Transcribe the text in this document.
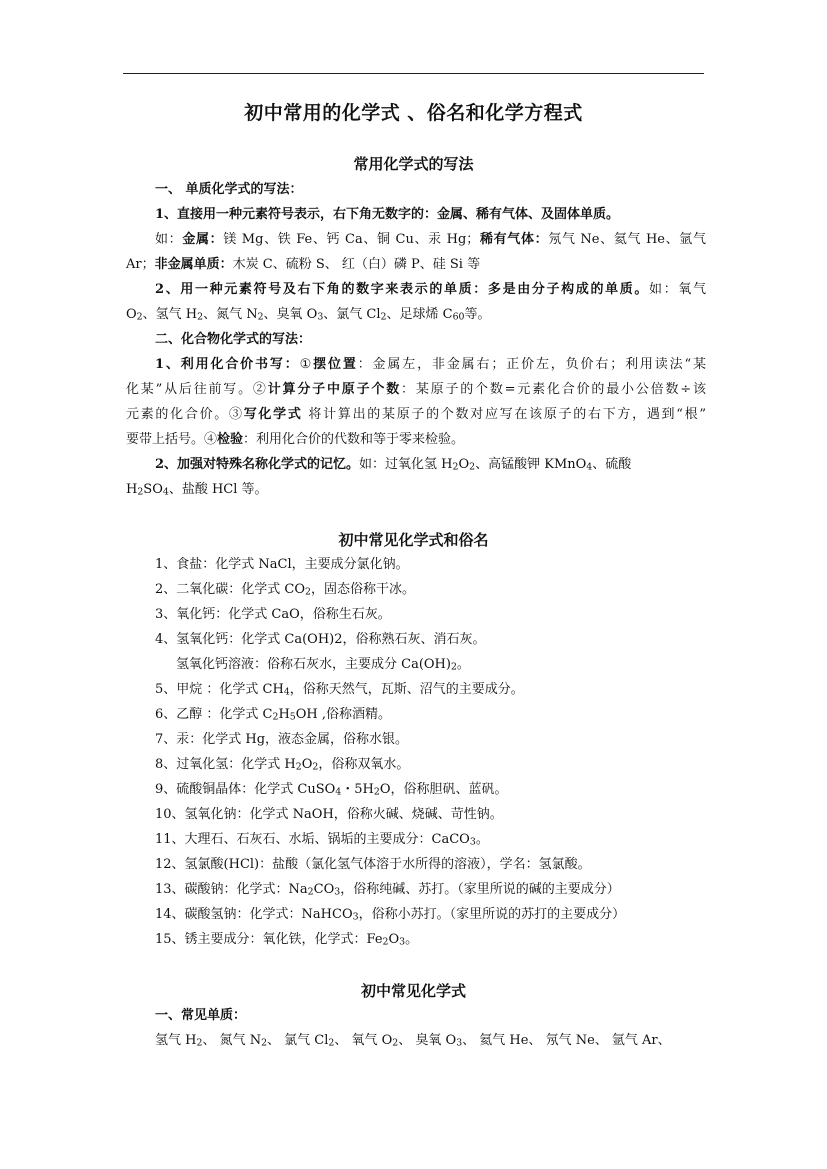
初中常用的化学式 、俗名和化学方程式
常用化学式的写法
一、 单质化学式的写法：
1、直接用一种元素符号表示，右下角无数字的：金属、稀有气体、及固体单质。
如：金属：镁 Mg、铁 Fe、钙 Ca、铜 Cu、汞 Hg；稀有气体：氖气 Ne、氦气 He、氩气
Ar；非金属单质：木炭 C、硫粉 S、 红（白）磷 P、硅 Si 等
2、用一种元素符号及右下角的数字来表示的单质：多是由分子构成的单质。如：氧气
$O_2$、氢气 $H_2$、氮气 $N_2$、臭氧 $O_3$、氯气 $Cl_2$、足球烯 $C_{60}$等。
二、化合物化学式的写法：
1、利用化合价书写：①摆位置：金属左，非金属右；正价左，负价右；利用读法“某
化某”从后往前写。②计算分子中原子个数：某原子的个数=元素化合价的最小公倍数÷该
元素的化合价。③写化学式 将计算出的某原子的个数对应写在该原子的右下方，遇到“根”
要带上括号。④检验：利用化合价的代数和等于零来检验。
2、加强对特殊名称化学式的记忆。如：过氧化氢 $H_2O_2$、高锰酸钾 KMnO$_4$、硫酸
$H_2SO_4$、盐酸 HCl 等。
初中常见化学式和俗名
1、食盐：化学式 NaCl，主要成分氯化钠。
2、二氧化碳：化学式 $CO_2$，固态俗称干冰。
3、氧化钙：化学式 CaO，俗称生石灰。
4、氢氧化钙：化学式 Ca(OH)2，俗称熟石灰、消石灰。
氢氧化钙溶液：俗称石灰水，主要成分 $Ca(OH)_2$。
5、甲烷 ：化学式 $CH_4$，俗称天然气，瓦斯、沼气的主要成分。
6、乙醇 ：化学式 $C_2H_5OH$ ,俗称酒精。
7、汞：化学式 Hg，液态金属，俗称水银。
8、过氧化氢：化学式 $H_2O_2$，俗称双氧水。
9、硫酸铜晶体：化学式 CuSO$_4$・$5H_2O$，俗称胆矾、蓝矾。
10、氢氧化钠：化学式 NaOH，俗称火碱、烧碱、苛性钠。
11、大理石、石灰石、水垢、锅垢的主要成分：CaCO$_3$。
12、氢氯酸(HCl)：盐酸（氯化氢气体溶于水所得的溶液），学名：氢氯酸。
13、碳酸钠：化学式：$Na_2CO_3$，俗称纯碱、苏打。（家里所说的碱的主要成分）
14、碳酸氢钠：化学式：NaHCO$_3$，俗称小苏打。（家里所说的苏打的主要成分）
15、锈主要成分：氧化铁，化学式：$Fe_2O_3$。
初中常见化学式
一、常见单质：
氢气 $H_2$、 氮气 $N_2$、 氯气 $Cl_2$、 氧气 $O_2$、 臭氧 $O_3$、 氦气 He、 氖气 Ne、 氩气 Ar、
